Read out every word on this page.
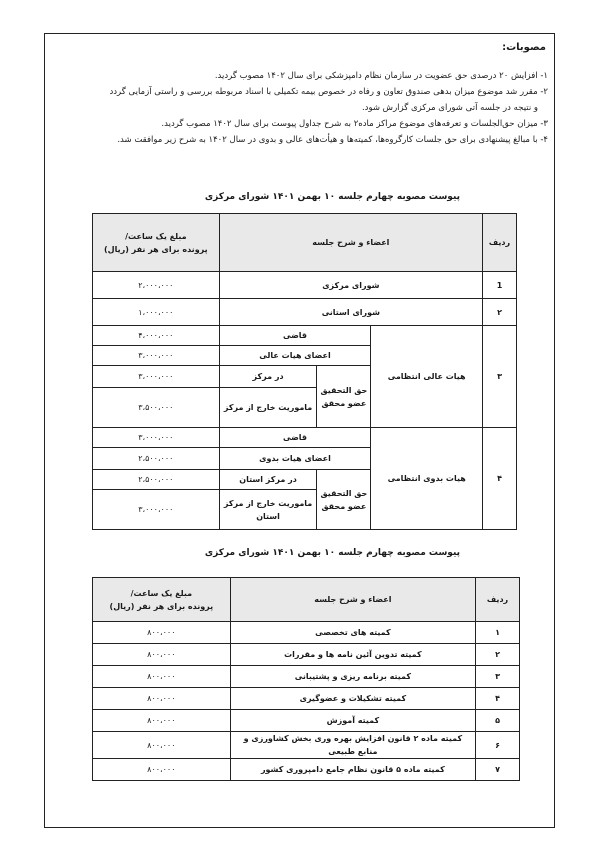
مصوبات:
۱- افزایش ۲۰ درصدی حق عضویت در سازمان نظام دامپزشکی برای سال ۱۴۰۲ مصوب گردید.
۲- مقرر شد موضوع میزان بدهی صندوق تعاون و رفاه در خصوص بیمه تکمیلی با اسناد مربوطه بررسی و راستی آزمایی گردد
و نتیجه در جلسه آتی شورای مرکزی گزارش شود.
۳- میزان حق‌الجلسات و تعرفه‌های موضوع مراکز ماده۲ به شرح جداول پیوست برای سال ۱۴۰۲ مصوب گردید.
۴- با مبالغ پیشنهادی برای حق جلسات کارگروه‌ها، کمیته‌ها و هیأت‌های عالی و بدوی در سال ۱۴۰۲ به شرح زیر موافقت شد.
پیوست مصوبه چهارم جلسه ۱۰ بهمن ۱۴۰۱ شورای مرکزی
ردیف	اعضاء و شرح جلسه			مبلغ یک ساعت/
پرونده برای هر نفر (ریال)

1	شورای مرکزی			۲،۰۰۰،۰۰۰
۲	شورای استانی			۱،۰۰۰،۰۰۰
۳	هیات عالی انتظامی	قاضی		۴،۰۰۰،۰۰۰
		اعضای هیات عالی		۳،۰۰۰،۰۰۰
		حق التحقیق عضو محقق	در مرکز	۳،۰۰۰،۰۰۰
			ماموریت خارج از مرکز	۳،۵۰۰،۰۰۰
۴	هیات بدوی انتظامی	قاضی		۳،۰۰۰،۰۰۰
		اعضای هیات بدوی		۲،۵۰۰،۰۰۰
		حق التحقیق عضو محقق	در مرکز استان	۲،۵۰۰،۰۰۰
			ماموریت خارج از مرکز استان	۳،۰۰۰،۰۰۰
پیوست مصوبه چهارم جلسه ۱۰ بهمن ۱۴۰۱ شورای مرکزی
ردیف	اعضاء و شرح جلسه	مبلغ یک ساعت/
پرونده برای هر نفر (ریال)

۱	کمیته های تخصصی	۸۰۰،۰۰۰
۲	کمیته تدوین آئین نامه ها و مقررات	۸۰۰،۰۰۰
۳	کمیته برنامه ریزی و پشتیبانی	۸۰۰،۰۰۰
۴	کمیته تشکیلات و عضوگیری	۸۰۰،۰۰۰
۵	کمیته آموزش	۸۰۰،۰۰۰
۶	کمیته ماده ۲ قانون افزایش بهره وری بخش کشاورزی و منابع طبیعی	۸۰۰،۰۰۰
۷	کمیته ماده ۵ قانون نظام جامع دامپروری کشور	۸۰۰،۰۰۰
